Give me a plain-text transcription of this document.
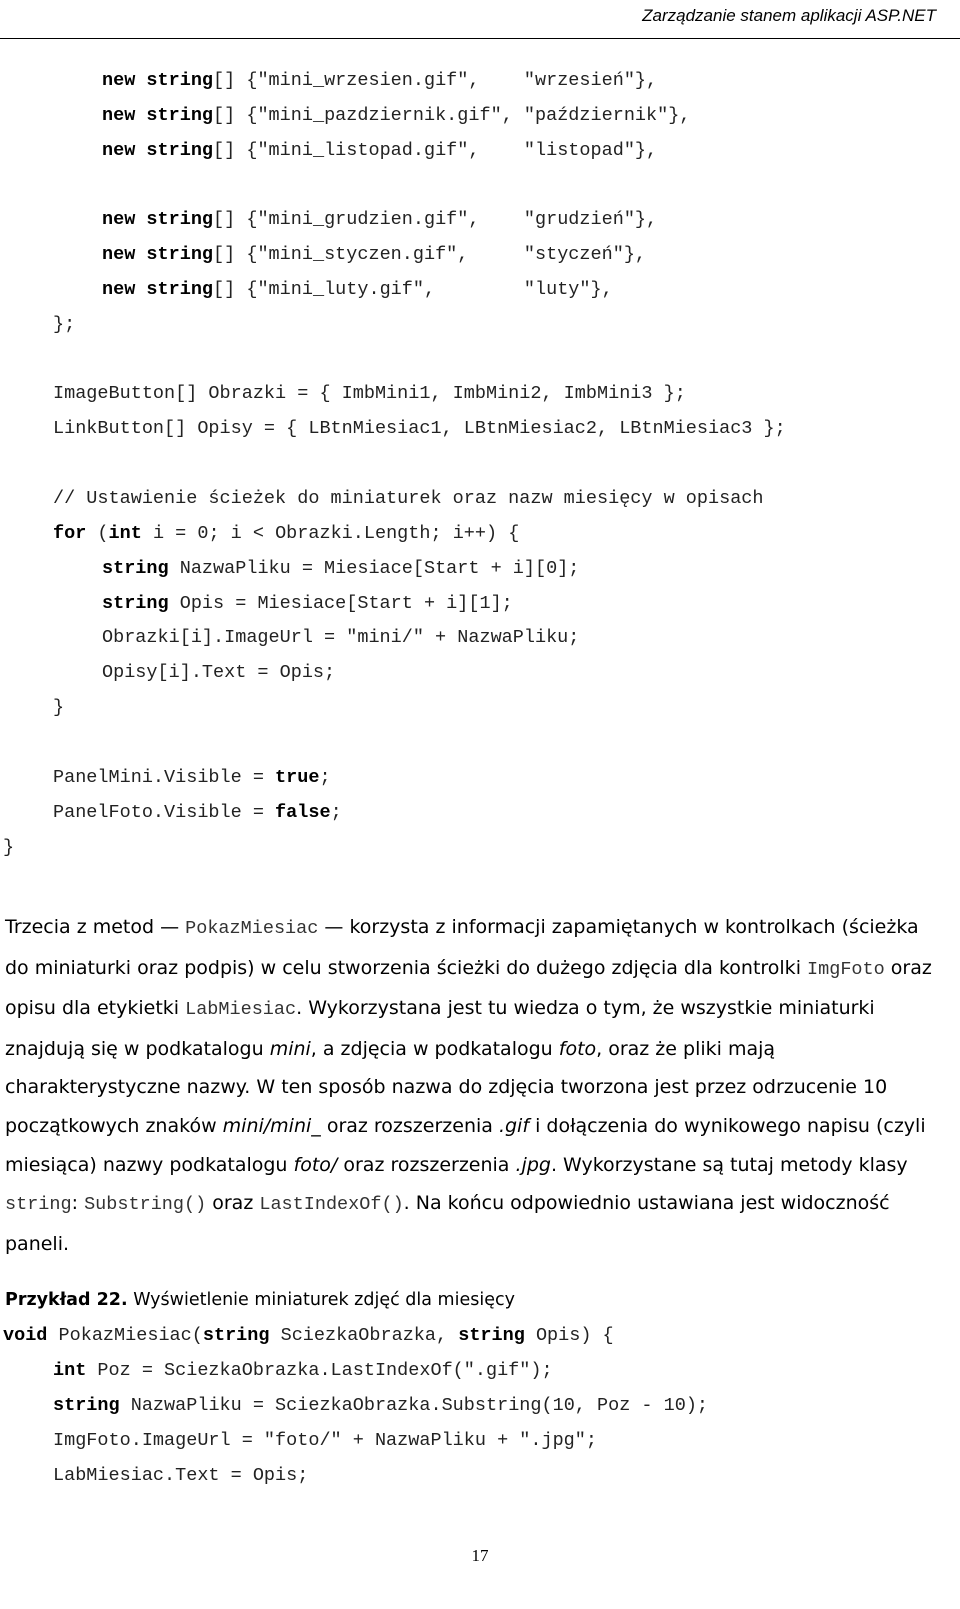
Zarządzanie stanem aplikacji ASP.NET
new string[] {"mini_wrzesien.gif",    "wrzesień"},
new string[] {"mini_pazdziernik.gif", "październik"},
new string[] {"mini_listopad.gif",    "listopad"},
new string[] {"mini_grudzien.gif",    "grudzień"},
new string[] {"mini_styczen.gif",     "styczeń"},
new string[] {"mini_luty.gif",        "luty"},
};
ImageButton[] Obrazki = { ImbMini1, ImbMini2, ImbMini3 };
LinkButton[] Opisy = { LBtnMiesiac1, LBtnMiesiac2, LBtnMiesiac3 };
// Ustawienie ścieżek do miniaturek oraz nazw miesięcy w opisach
for (int i = 0; i < Obrazki.Length; i++) {
string NazwaPliku = Miesiace[Start + i][0];
string Opis = Miesiace[Start + i][1];
Obrazki[i].ImageUrl = "mini/" + NazwaPliku;
Opisy[i].Text = Opis;
}
PanelMini.Visible = true;
PanelFoto.Visible = false;
}
Trzecia z metod — PokazMiesiac — korzysta z informacji zapamiętanych w kontrolkach (ścieżka do miniaturki oraz podpis) w celu stworzenia ścieżki do dużego zdjęcia dla kontrolki ImgFoto oraz opisu dla etykietki LabMiesiac. Wykorzystana jest tu wiedza o tym, że wszystkie miniaturki znajdują się w podkatalogu mini, a zdjęcia w podkatalogu foto, oraz że pliki mają charakterystyczne nazwy. W ten sposób nazwa do zdjęcia tworzona jest przez odrzucenie 10 początkowych znaków mini/mini_ oraz rozszerzenia .gif i dołączenia do wynikowego napisu (czyli miesiąca) nazwy podkatalogu foto/ oraz rozszerzenia .jpg. Wykorzystane są tutaj metody klasy string: Substring() oraz LastIndexOf(). Na końcu odpowiednio ustawiana jest widoczność paneli.
Przykład 22. Wyświetlenie miniaturek zdjęć dla miesięcy
void PokazMiesiac(string SciezkaObrazka, string Opis) {
int Poz = SciezkaObrazka.LastIndexOf(".gif");
string NazwaPliku = SciezkaObrazka.Substring(10, Poz - 10);
ImgFoto.ImageUrl = "foto/" + NazwaPliku + ".jpg";
LabMiesiac.Text = Opis;
17
